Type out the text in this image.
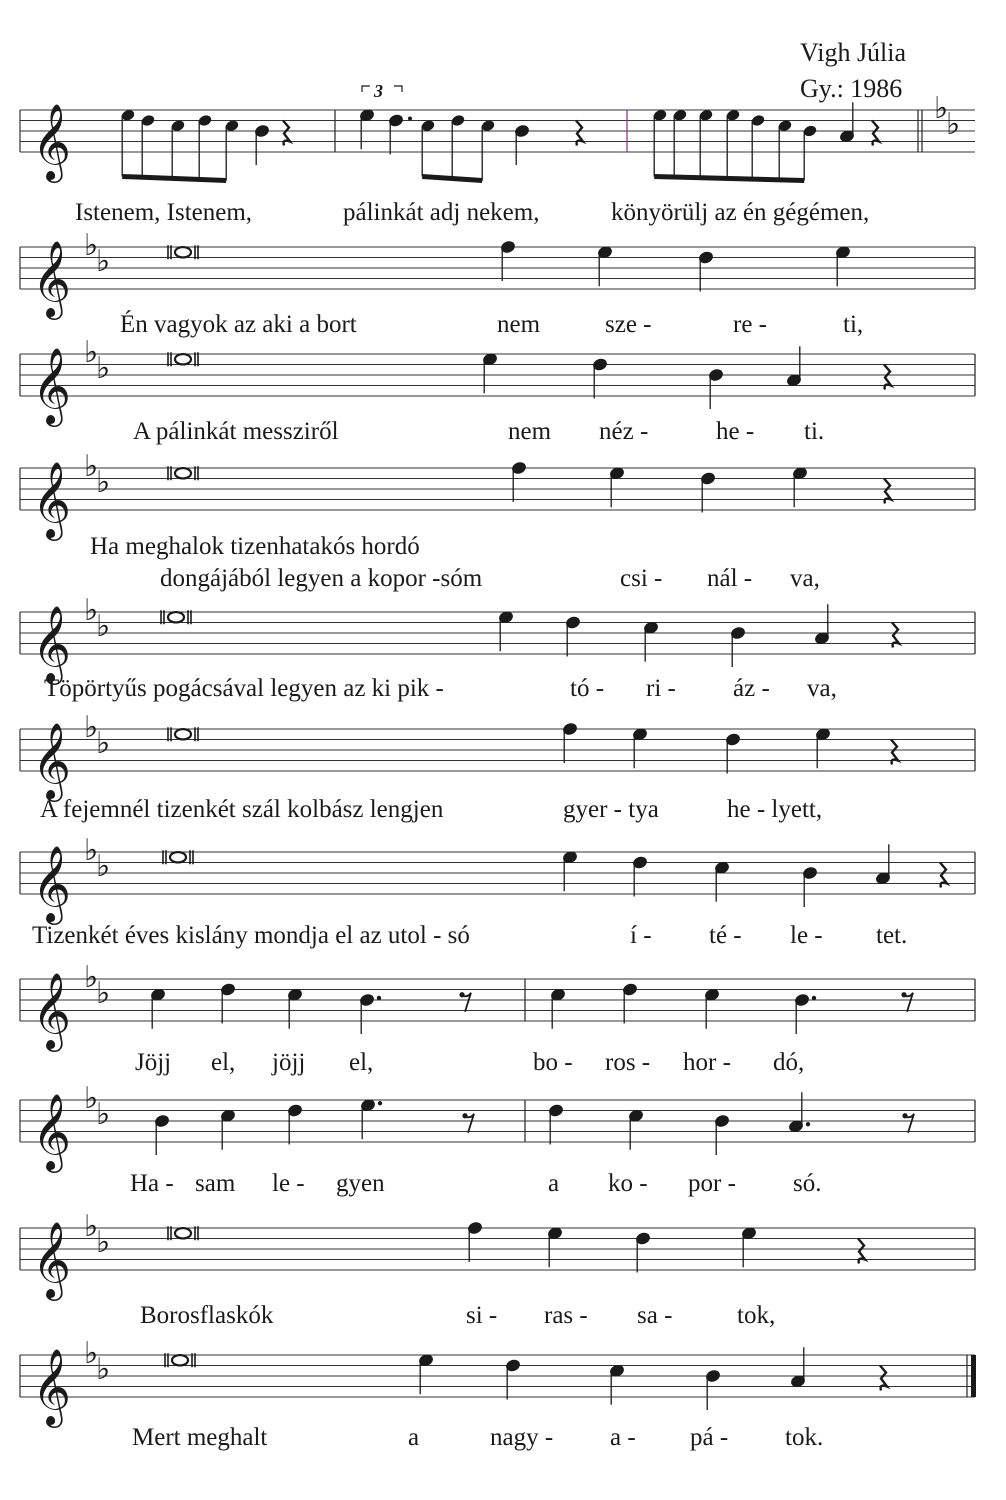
Vigh Júlia
Gy.: 1986
𝄞
3	♭
♭
𝄞 ♭
♭
𝄞 ♭
♭
𝄞 ♭
♭
𝄞 ♭
♭
𝄞 ♭
♭
𝄞 ♭
♭
𝄞 ♭
♭
𝄞 ♭
♭
𝄞 ♭
♭
𝄞 ♭
♭
Istenem, Istenem,	pálinkát adj nekem,	könyörülj az én gégémen,
Én vagyok az aki a bort	nem	sze -	re -	ti,
A pálinkát messziről	nem néz -	he - ti.
Ha meghalok tizenhatakós hordó
dongájából legyen a kopor -sóm	csi - nál - va,
Töpörtyűs pogácsával legyen az ki pik -	tó - ri - áz - va,
A fejemnél tizenkét szál kolbász lengjen	gyer - tya	he - lyett,
Tizenkét éves kislány mondja el az utol - só	í - té - le - tet.
Jöjj el, jöjj el,	bo - ros - hor - dó,
Ha - sam le - gyen	a ko - por - só.
Borosflaskók	si - ras - sa -	tok,
Mert meghalt	a	nagy - a - pá - tok.
